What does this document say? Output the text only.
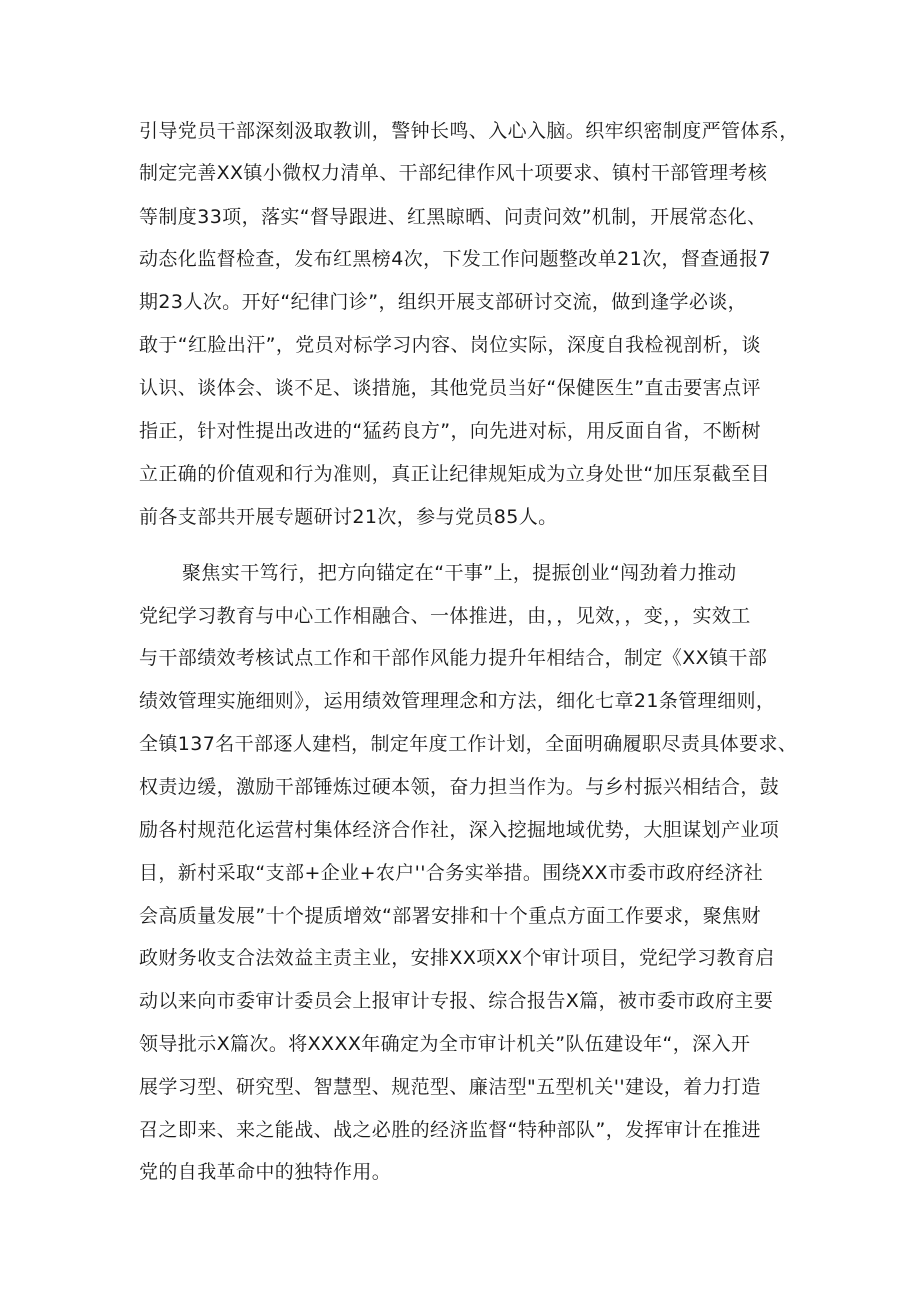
引导党员干部深刻汲取教训，警钟长鸣、入心入脑。织牢织密制度严管体系，
制定完善XX镇小微权力清单、干部纪律作风十项要求、镇村干部管理考核
等制度33项，落实“督导跟进、红黑晾晒、问责问效”机制，开展常态化、
动态化监督检查，发布红黑榜4次，下发工作问题整改单21次，督查通报7
期23人次。开好“纪律门诊”，组织开展支部研讨交流，做到逢学必谈，
敢于“红脸出汗”，党员对标学习内容、岗位实际，深度自我检视剖析，谈
认识、谈体会、谈不足、谈措施，其他党员当好“保健医生”直击要害点评
指正，针对性提出改进的“猛药良方”，向先进对标，用反面自省，不断树
立正确的价值观和行为准则，真正让纪律规矩成为立身处世“加压泵截至目
前各支部共开展专题研讨21次，参与党员85人。
聚焦实干笃行，把方向锚定在“干事”上，提振创业“闯劲着力推动
党纪学习教育与中心工作相融合、一体推进，由，，见效，，变，，实效工
与干部绩效考核试点工作和干部作风能力提升年相结合，制定《XX镇干部
绩效管理实施细则》，运用绩效管理理念和方法，细化七章21条管理细则，
全镇137名干部逐人建档，制定年度工作计划，全面明确履职尽责具体要求、
权责边缓，激励干部锤炼过硬本领，奋力担当作为。与乡村振兴相结合，鼓
励各村规范化运营村集体经济合作社，深入挖掘地域优势，大胆谋划产业项
目，新村采取“支部+企业+农户''合务实举措。围绕XX市委市政府经济社
会高质量发展”十个提质增效“部署安排和十个重点方面工作要求，聚焦财
政财务收支合法效益主责主业，安排XX项XX个审计项目，党纪学习教育启
动以来向市委审计委员会上报审计专报、综合报告X篇，被市委市政府主要
领导批示X篇次。将XXXX年确定为全市审计机关”队伍建设年“，深入开
展学习型、研究型、智慧型、规范型、廉洁型"五型机关''建设，着力打造
召之即来、来之能战、战之必胜的经济监督“特种部队”，发挥审计在推进
党的自我革命中的独特作用。
